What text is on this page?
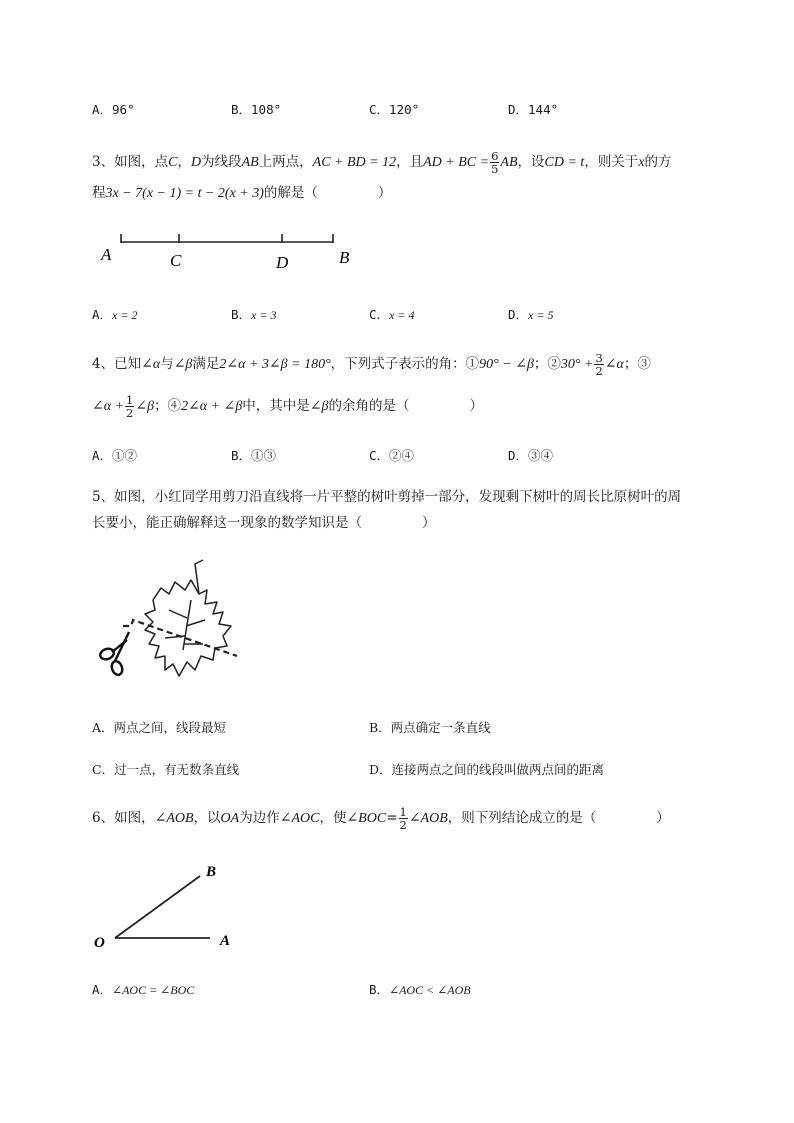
A．96°	B．108°	C．120°	D．144°
3、如图，点C，D为线段AB上两点，AC + BD = 12，且AD + BC = $\frac{6}{5}$ AB，设CD = t，则关于x的方
程3x − 7(x − 1) = t − 2(x + 3)的解是（	）
A	C	D	B
A．x = 2	B．x = 3	C．x = 4	D．x = 5
4、已知∠α与∠β满足2∠α + 3∠β = 180°，下列式子表示的角：①90° − ∠β；②30° + $\frac{3}{2}$ ∠α；③
∠α + $\frac{1}{2}$ ∠β；④2∠α + ∠β中，其中是∠β的余角的是（	）
A．①②	B．①③	C．②④	D．③④
5、如图，小红同学用剪刀沿直线将一片平整的树叶剪掉一部分，发现剩下树叶的周长比原树叶的周
长要小，能正确解释这一现象的数学知识是（	）
A．两点之间，线段最短	B．两点确定一条直线
C．过一点，有无数条直线	D．连接两点之间的线段叫做两点间的距离
6、如图，∠AOB，以OA为边作∠AOC，使∠BOC= $\frac{1}{2}$ ∠AOB，则下列结论成立的是（	）
B
O	A
A．∠AOC = ∠BOC	B．∠AOC < ∠AOB
